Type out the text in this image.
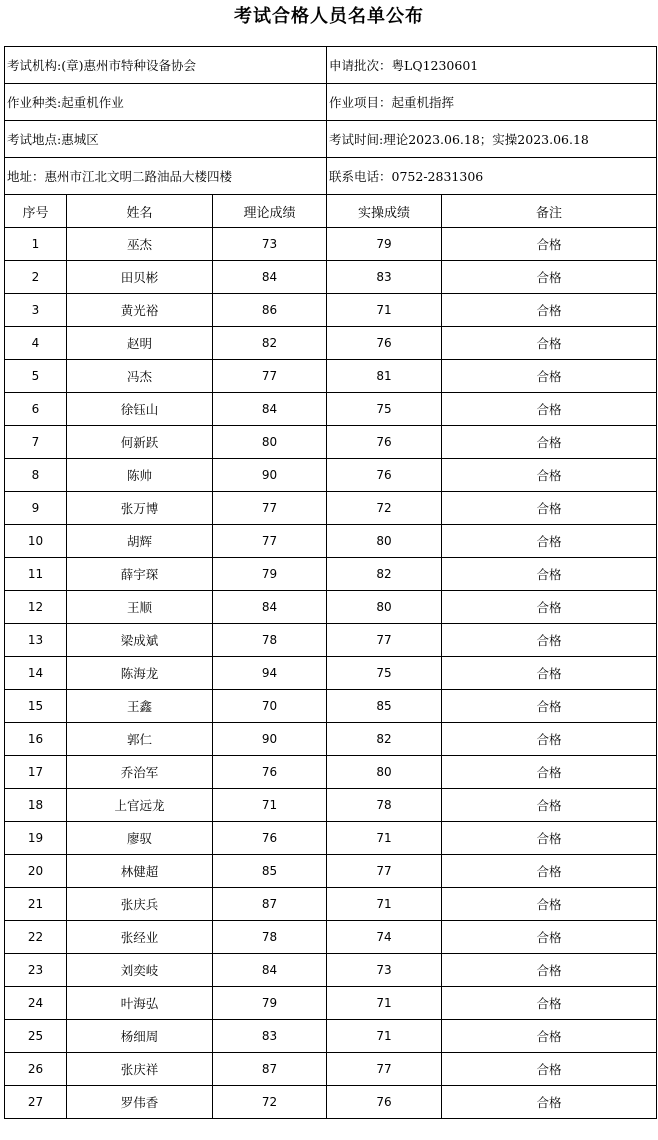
考试合格人员名单公布
考试机构:(章)惠州市特种设备协会			申请批次：粤LQ1230601	
作业种类:起重机作业			作业项目：起重机指挥	
考试地点:惠城区			考试时间:理论2023.06.18；实操2023.06.18	
地址：惠州市江北文明二路油品大楼四楼			联系电话：0752-2831306	
序号	姓名	理论成绩	实操成绩	备注
1	巫杰	73	79	合格
2	田贝彬	84	83	合格
3	黄光裕	86	71	合格
4	赵明	82	76	合格
5	冯杰	77	81	合格
6	徐钰山	84	75	合格
7	何新跃	80	76	合格
8	陈帅	90	76	合格
9	张万博	77	72	合格
10	胡辉	77	80	合格
11	薛宇琛	79	82	合格
12	王顺	84	80	合格
13	梁成斌	78	77	合格
14	陈海龙	94	75	合格
15	王鑫	70	85	合格
16	郭仁	90	82	合格
17	乔治军	76	80	合格
18	上官远龙	71	78	合格
19	廖驭	76	71	合格
20	林健超	85	77	合格
21	张庆兵	87	71	合格
22	张经业	78	74	合格
23	刘奕岐	84	73	合格
24	叶海弘	79	71	合格
25	杨细周	83	71	合格
26	张庆祥	87	77	合格
27	罗伟香	72	76	合格
